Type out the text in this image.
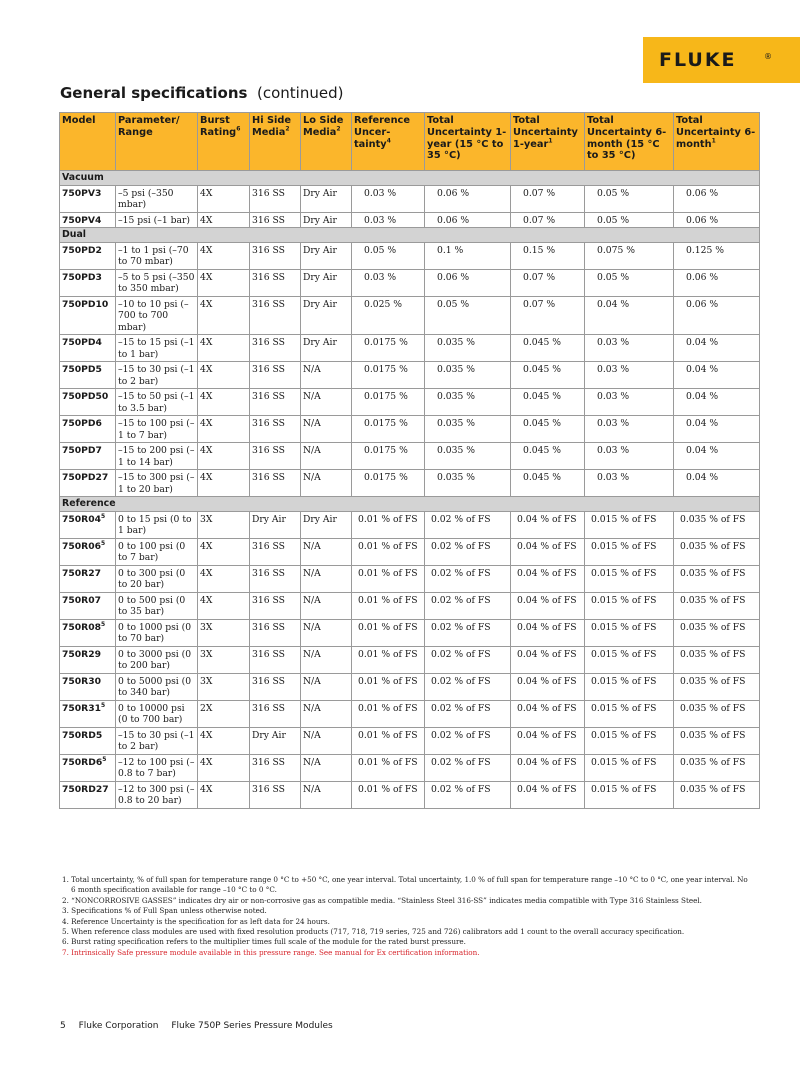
FLUKE	®
General specifications (continued)
Model	Parameter/ Range	Burst Rating$^6$	Hi Side Media$^2$	Lo Side Media$^2$	Reference Uncer-tainty$^4$	Total Uncertainty 1-year (15 °C to 35 °C)	Total Uncertainty 1-year$^1$	Total Uncertainty 6-month (15 °C to 35 °C)	Total Uncertainty 6-month$^1$
Vacuum									
750PV3	–5 psi (–350 mbar)	4X	316 SS	Dry Air	0.03 %	0.06 %	0.07 %	0.05 %	0.06 %
750PV4	–15 psi (–1 bar)	4X	316 SS	Dry Air	0.03 %	0.06 %	0.07 %	0.05 %	0.06 %
Dual									
750PD2	–1 to 1 psi (–70 to 70 mbar)	4X	316 SS	Dry Air	0.05 %	0.1 %	0.15 %	0.075 %	0.125 %
750PD3	–5 to 5 psi (–350 to 350 mbar)	4X	316 SS	Dry Air	0.03 %	0.06 %	0.07 %	0.05 %	0.06 %
750PD10	–10 to 10 psi (–700 to 700 mbar)	4X	316 SS	Dry Air	0.025 %	0.05 %	0.07 %	0.04 %	0.06 %
750PD4	–15 to 15 psi (–1 to 1 bar)	4X	316 SS	Dry Air	0.0175 %	0.035 %	0.045 %	0.03 %	0.04 %
750PD5	–15 to 30 psi (–1 to 2 bar)	4X	316 SS	N/A	0.0175 %	0.035 %	0.045 %	0.03 %	0.04 %
750PD50	–15 to 50 psi (–1 to 3.5 bar)	4X	316 SS	N/A	0.0175 %	0.035 %	0.045 %	0.03 %	0.04 %
750PD6	–15 to 100 psi (–1 to 7 bar)	4X	316 SS	N/A	0.0175 %	0.035 %	0.045 %	0.03 %	0.04 %
750PD7	–15 to 200 psi (–1 to 14 bar)	4X	316 SS	N/A	0.0175 %	0.035 %	0.045 %	0.03 %	0.04 %
750PD27	–15 to 300 psi (–1 to 20 bar)	4X	316 SS	N/A	0.0175 %	0.035 %	0.045 %	0.03 %	0.04 %
Reference									
$750R04^5$	0 to 15 psi (0 to 1 bar)	3X	Dry Air	Dry Air	0.01 % of FS	0.02 % of FS	0.04 % of FS	0.015 % of FS	0.035 % of FS
$750R06^5$	0 to 100 psi (0 to 7 bar)	4X	316 SS	N/A	0.01 % of FS	0.02 % of FS	0.04 % of FS	0.015 % of FS	0.035 % of FS
750R27	0 to 300 psi (0 to 20 bar)	4X	316 SS	N/A	0.01 % of FS	0.02 % of FS	0.04 % of FS	0.015 % of FS	0.035 % of FS
750R07	0 to 500 psi (0 to 35 bar)	4X	316 SS	N/A	0.01 % of FS	0.02 % of FS	0.04 % of FS	0.015 % of FS	0.035 % of FS
$750R08^5$	0 to 1000 psi (0 to 70 bar)	3X	316 SS	N/A	0.01 % of FS	0.02 % of FS	0.04 % of FS	0.015 % of FS	0.035 % of FS
750R29	0 to 3000 psi (0 to 200 bar)	3X	316 SS	N/A	0.01 % of FS	0.02 % of FS	0.04 % of FS	0.015 % of FS	0.035 % of FS
750R30	0 to 5000 psi (0 to 340 bar)	3X	316 SS	N/A	0.01 % of FS	0.02 % of FS	0.04 % of FS	0.015 % of FS	0.035 % of FS
$750R31^5$	0 to 10000 psi (0 to 700 bar)	2X	316 SS	N/A	0.01 % of FS	0.02 % of FS	0.04 % of FS	0.015 % of FS	0.035 % of FS
750RD5	–15 to 30 psi (–1 to 2 bar)	4X	Dry Air	N/A	0.01 % of FS	0.02 % of FS	0.04 % of FS	0.015 % of FS	0.035 % of FS
$750RD6^5$	–12 to 100 psi (–0.8 to 7 bar)	4X	316 SS	N/A	0.01 % of FS	0.02 % of FS	0.04 % of FS	0.015 % of FS	0.035 % of FS
750RD27	–12 to 300 psi (–0.8 to 20 bar)	4X	316 SS	N/A	0.01 % of FS	0.02 % of FS	0.04 % of FS	0.015 % of FS	0.035 % of FS

1. Total uncertainty, % of full span for temperature range 0 °C to +50 °C, one year interval. Total uncertainty, 1.0 % of full span for temperature range –10 °C to 0 °C, one year interval. No

6 month specification available for range –10 °C to 0 °C.

2. “NONCORROSIVE GASSES” indicates dry air or non-corrosive gas as compatible media. “Stainless Steel 316-SS” indicates media compatible with Type 316 Stainless Steel.

3. Specifications % of Full Span unless otherwise noted.

4. Reference Uncertainty is the specification for as left data for 24 hours.

5. When reference class modules are used with fixed resolution products (717, 718, 719 series, 725 and 726) calibrators add 1 count to the overall accuracy specification.

6. Burst rating specification refers to the multiplier times full scale of the module for the rated burst pressure.

7. Intrinsically Safe pressure module available in this pressure range. See manual for Ex certification information.

5 Fluke Corporation Fluke 750P Series Pressure Modules
